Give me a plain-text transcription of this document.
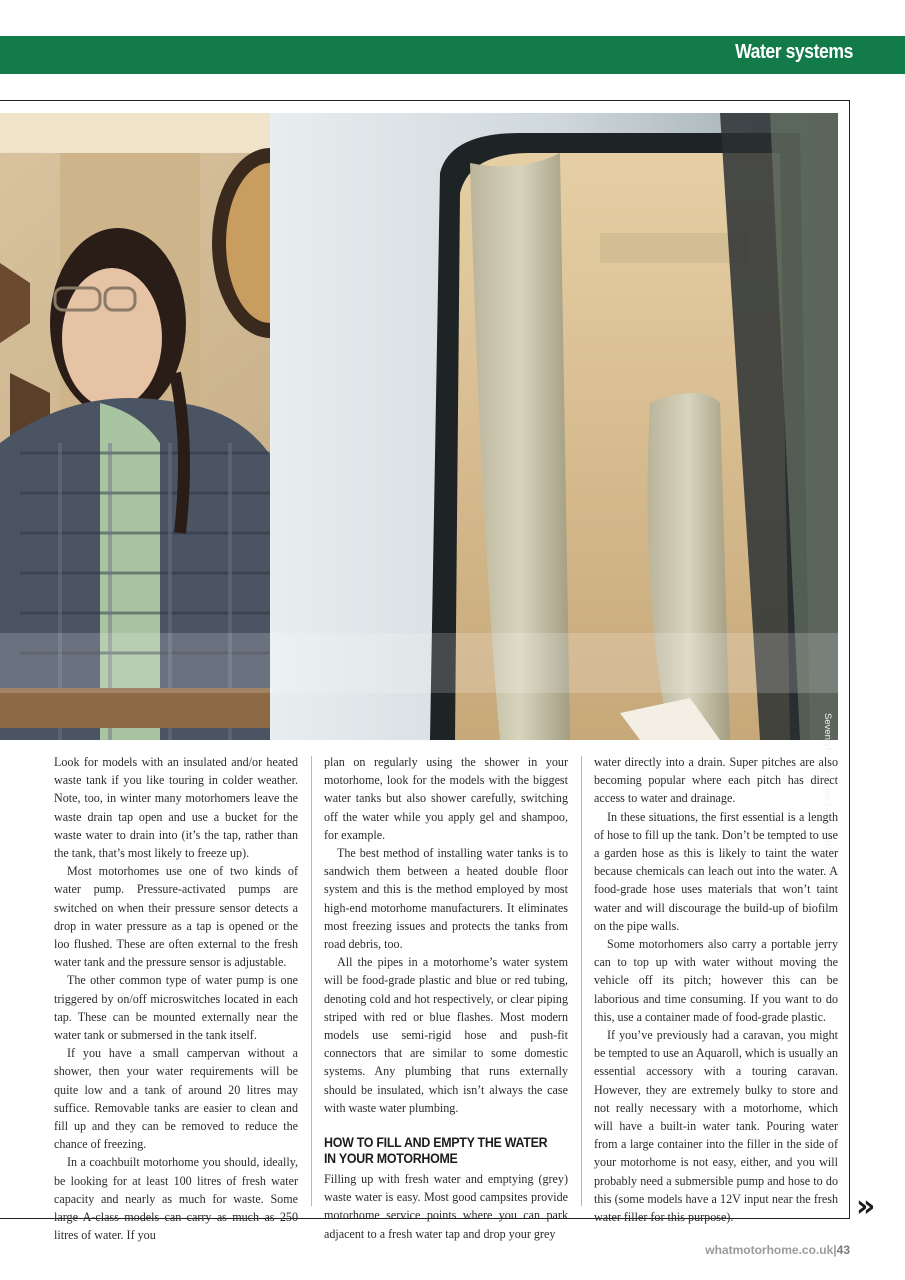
Water systems
SeventyFour Images / Alamy Stock Photo

Look for models with an insulated and/or heated waste tank if you like touring in colder weather. Note, too, in winter many motorhomers leave the waste drain tap open and use a bucket for the waste water to drain into (it’s the tap, rather than the tank, that’s most likely to freeze up).

Most motorhomes use one of two kinds of water pump. Pressure-activated pumps are switched on when their pressure sensor detects a drop in water pressure as a tap is opened or the loo flushed. These are often external to the fresh water tank and the pressure sensor is adjustable.

The other common type of water pump is one triggered by on/off microswitches located in each tap. These can be mounted externally near the water tank or submersed in the tank itself.

If you have a small campervan without a shower, then your water requirements will be quite low and a tank of around 20 litres may suffice. Removable tanks are easier to clean and fill up and they can be removed to reduce the chance of freezing.

In a coachbuilt motorhome you should, ideally, be looking for at least 100 litres of fresh water capacity and nearly as much for waste. Some large A-class models can carry as much as 250 litres of water. If you

plan on regularly using the shower in your motorhome, look for the models with the biggest water tanks but also shower carefully, switching off the water while you apply gel and shampoo, for example.

The best method of installing water tanks is to sandwich them between a heated double floor system and this is the method employed by most high-end motorhome manufacturers. It eliminates most freezing issues and protects the tanks from road debris, too.

All the pipes in a motorhome’s water system will be food-grade plastic and blue or red tubing, denoting cold and hot respectively, or clear piping striped with red or blue flashes. Most modern models use semi-rigid hose and push-fit connectors that are similar to some domestic systems. Any plumbing that runs externally should be insulated, which isn’t always the case with waste water plumbing.

HOW TO FILL AND EMPTY THE WATER IN YOUR MOTORHOME

Filling up with fresh water and emptying (grey) waste water is easy. Most good campsites provide motorhome service points where you can park adjacent to a fresh water tap and drop your grey

water directly into a drain. Super pitches are also becoming popular where each pitch has direct access to water and drainage.

In these situations, the first essential is a length of hose to fill up the tank. Don’t be tempted to use a garden hose as this is likely to taint the water because chemicals can leach out into the water. A food-grade hose uses materials that won’t taint water and will discourage the build-up of biofilm on the pipe walls.

Some motorhomers also carry a portable jerry can to top up with water without moving the vehicle off its pitch; however this can be laborious and time consuming. If you want to do this, use a container made of food-grade plastic.

If you’ve previously had a caravan, you might be tempted to use an Aquaroll, which is usually an essential accessory with a touring caravan. However, they are extremely bulky to store and not really necessary with a motorhome, which will have a built-in water tank. Pouring water from a large container into the filler in the side of your motorhome is not easy, either, and you will probably need a submersible pump and hose to do this (some models have a 12V input near the fresh water filler for this purpose).	»
whatmotorhome.co.uk|43
